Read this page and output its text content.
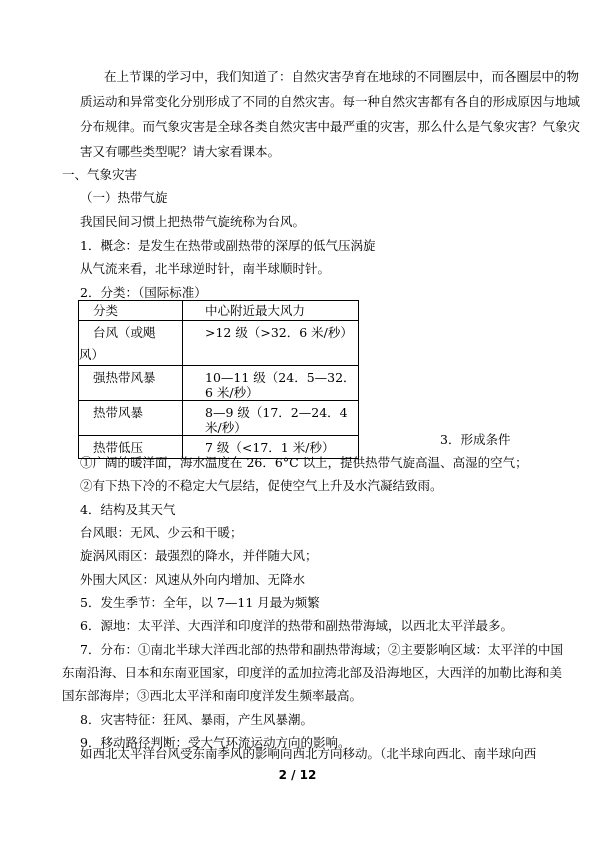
在上节课的学习中，我们知道了：自然灾害孕育在地球的不同圈层中，而各圈层中的物
质运动和异常变化分别形成了不同的自然灾害。每一种自然灾害都有各自的形成原因与地域
分布规律。而气象灾害是全球各类自然灾害中最严重的灾害，那么什么是气象灾害？气象灾
害又有哪些类型呢？请大家看课本。
一、气象灾害
（一）热带气旋
我国民间习惯上把热带气旋统称为台风。
1．概念：是发生在热带或副热带的深厚的低气压涡旋
从气流来看，北半球逆时针，南半球顺时针。
2．分类：（国际标准）
分类	中心附近最大风力

台风（或飓
风）	>12 级（>32．6 米/秒）

强热带风暴	10—11 级（24．5—32．6 米/秒）

热带风暴	8—9 级（17．2—24．4 米/秒）

热带低压	7 级（<17．1 米/秒）
3．形成条件
①广阔的暖洋面，海水温度在 26．6°C 以上，提供热带气旋高温、高湿的空气；
②有下热下冷的不稳定大气层结，促使空气上升及水汽凝结致雨。
4．结构及其天气
台风眼：无风、少云和干暖；
旋涡风雨区：最强烈的降水，并伴随大风；
外围大风区：风速从外向内增加、无降水
5．发生季节：全年，以 7—11 月最为频繁
6．源地：太平洋、大西洋和印度洋的热带和副热带海域，以西北太平洋最多。
7．分布：①南北半球大洋西北部的热带和副热带海域；②主要影响区域：太平洋的中国
东南沿海、日本和东南亚国家，印度洋的孟加拉湾北部及沿海地区，大西洋的加勒比海和美
国东部海岸；③西北太平洋和南印度洋发生频率最高。
8．灾害特征：狂风、暴雨，产生风暴潮。
9．移动路径判断：受大气环流运动方向的影响。
2 / 12
如西北太平洋台风受东南季风的影响向西北方向移动。（北半球向西北、南半球向西
